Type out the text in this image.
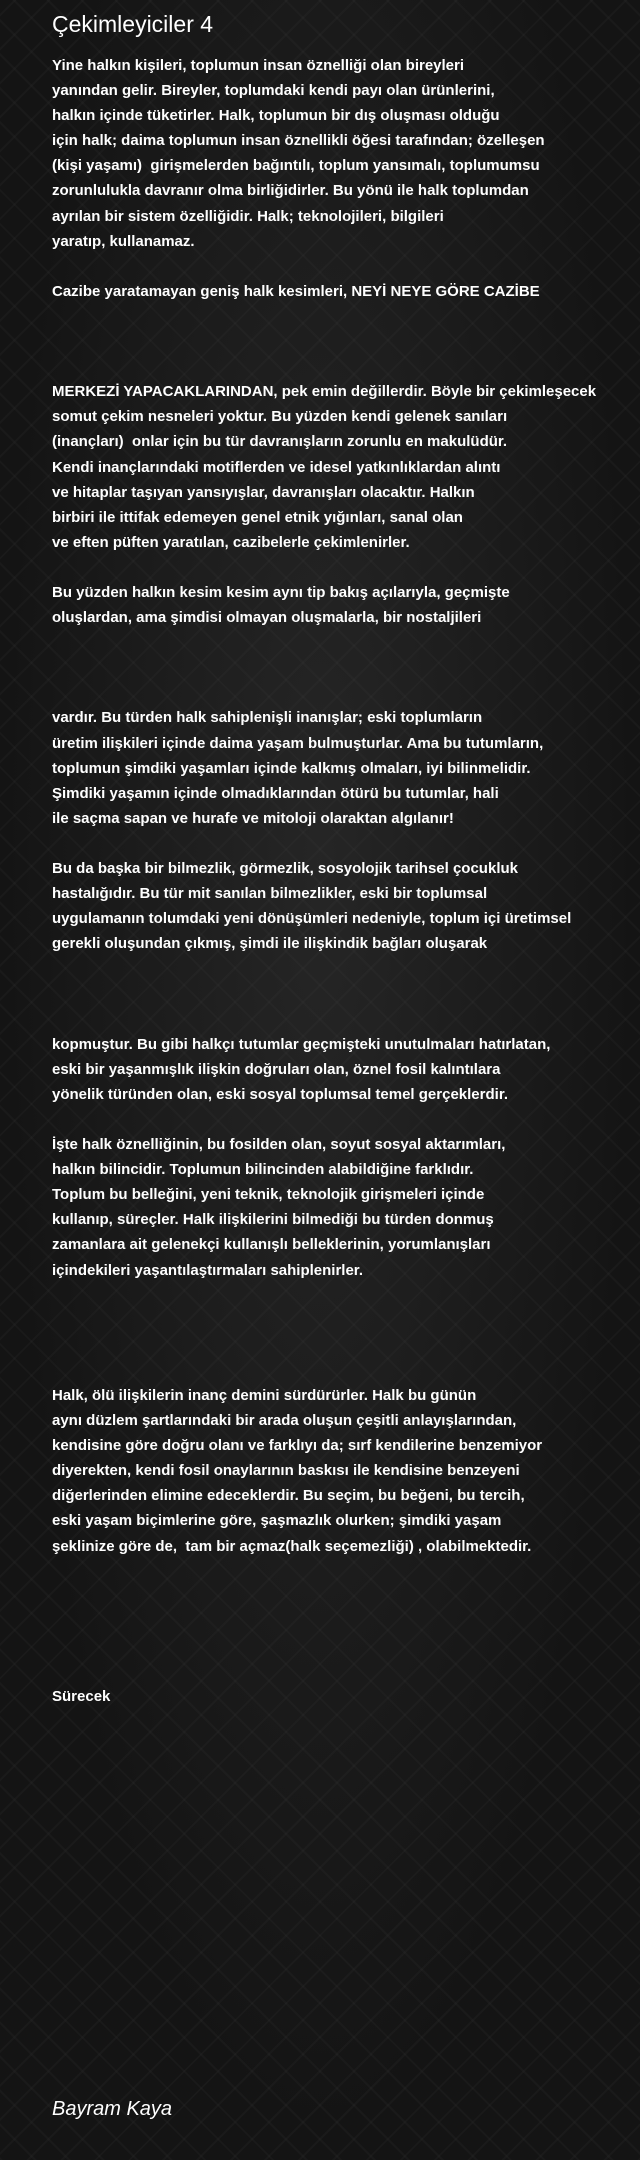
Çekimleyiciler 4
Yine halkın kişileri, toplumun insan öznelliği olan bireyleri
yanından gelir. Bireyler, toplumdaki kendi payı olan ürünlerini,
halkın içinde tüketirler. Halk, toplumun bir dış oluşması olduğu
için halk; daima toplumun insan öznellikli öğesi tarafından; özelleşen
(kişi yaşamı)  girişmelerden bağıntılı, toplum yansımalı, toplumumsu
zorunlulukla davranır olma birliğidirler. Bu yönü ile halk toplumdan
ayrılan bir sistem özelliğidir. Halk; teknolojileri, bilgileri
yaratıp, kullanamaz.

Cazibe yaratamayan geniş halk kesimleri, NEYİ NEYE GÖRE CAZİBE

MERKEZİ YAPACAKLARINDAN, pek emin değillerdir. Böyle bir çekimleşecek
somut çekim nesneleri yoktur. Bu yüzden kendi gelenek sanıları
(inançları)  onlar için bu tür davranışların zorunlu en makulüdür.
Kendi inançlarındaki motiflerden ve idesel yatkınlıklardan alıntı
ve hitaplar taşıyan yansıyışlar, davranışları olacaktır. Halkın
birbiri ile ittifak edemeyen genel etnik yığınları, sanal olan
ve eften püften yaratılan, cazibelerle çekimlenirler.

Bu yüzden halkın kesim kesim aynı tip bakış açılarıyla, geçmişte
oluşlardan, ama şimdisi olmayan oluşmalarla, bir nostaljileri

vardır. Bu türden halk sahiplenişli inanışlar; eski toplumların
üretim ilişkileri içinde daima yaşam bulmuşturlar. Ama bu tutumların,
toplumun şimdiki yaşamları içinde kalkmış olmaları, iyi bilinmelidir.
Şimdiki yaşamın içinde olmadıklarından ötürü bu tutumlar, hali
ile saçma sapan ve hurafe ve mitoloji olaraktan algılanır!

Bu da başka bir bilmezlik, görmezlik, sosyolojik tarihsel çocukluk
hastalığıdır. Bu tür mit sanılan bilmezlikler, eski bir toplumsal
uygulamanın tolumdaki yeni dönüşümleri nedeniyle, toplum içi üretimsel
gerekli oluşundan çıkmış, şimdi ile ilişkindik bağları oluşarak

kopmuştur. Bu gibi halkçı tutumlar geçmişteki unutulmaları hatırlatan,
eski bir yaşanmışlık ilişkin doğruları olan, öznel fosil kalıntılara
yönelik türünden olan, eski sosyal toplumsal temel gerçeklerdir.

İşte halk öznelliğinin, bu fosilden olan, soyut sosyal aktarımları,
halkın bilincidir. Toplumun bilincinden alabildiğine farklıdır.
Toplum bu belleğini, yeni teknik, teknolojik girişmeleri içinde
kullanıp, süreçler. Halk ilişkilerini bilmediği bu türden donmuş
zamanlara ait gelenekçi kullanışlı belleklerinin, yorumlanışları
içindekileri yaşantılaştırmaları sahiplenirler.

Halk, ölü ilişkilerin inanç demini sürdürürler. Halk bu günün
aynı düzlem şartlarındaki bir arada oluşun çeşitli anlayışlarından,
kendisine göre doğru olanı ve farklıyı da; sırf kendilerine benzemiyor
diyerekten, kendi fosil onaylarının baskısı ile kendisine benzeyeni
diğerlerinden elimine edeceklerdir. Bu seçim, bu beğeni, bu tercih,
eski yaşam biçimlerine göre, şaşmazlık olurken; şimdiki yaşam
şeklinize göre de,  tam bir açmaz(halk seçemezliği) , olabilmektedir.

Sürecek
Bayram Kaya
